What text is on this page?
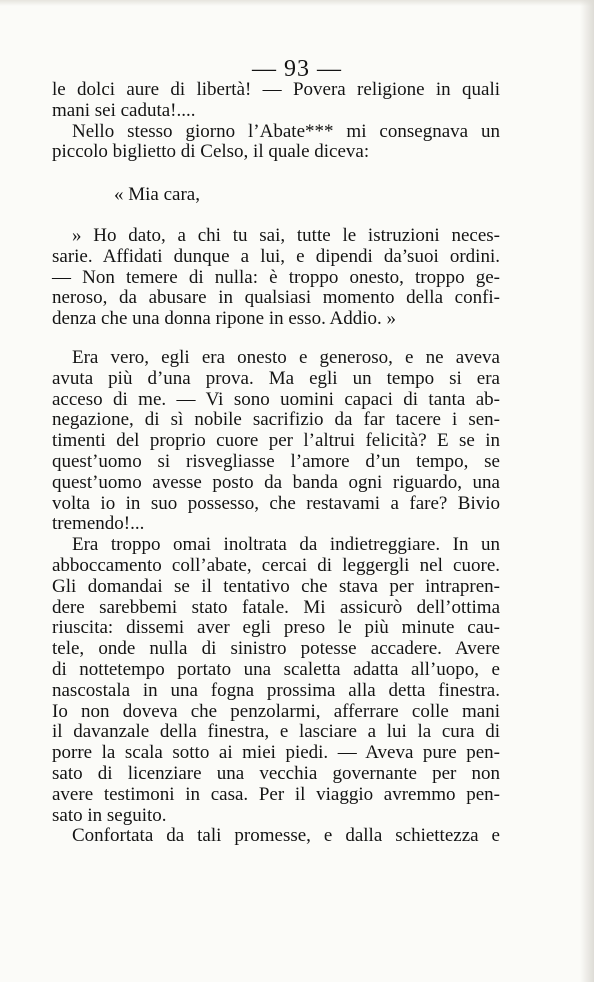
— 93 —
le dolci aure di libertà! — Povera religione in quali
mani sei caduta!....
Nello stesso giorno l’Abate*** mi consegnava un
piccolo biglietto di Celso, il quale diceva:
« Mia cara,
» Ho dato, a chi tu sai, tutte le istruzioni neces-
sarie. Affidati dunque a lui, e dipendi da’suoi ordini.
— Non temere di nulla: è troppo onesto, troppo ge-
neroso, da abusare in qualsiasi momento della confi-
denza che una donna ripone in esso. Addio. »
Era vero, egli era onesto e generoso, e ne aveva
avuta più d’una prova. Ma egli un tempo si era
acceso di me. — Vi sono uomini capaci di tanta ab-
negazione, di sì nobile sacrifizio da far tacere i sen-
timenti del proprio cuore per l’altrui felicità? E se in
quest’uomo si risvegliasse l’amore d’un tempo, se
quest’uomo avesse posto da banda ogni riguardo, una
volta io in suo possesso, che restavami a fare? Bivio
tremendo!...
Era troppo omai inoltrata da indietreggiare. In un
abboccamento coll’abate, cercai di leggergli nel cuore.
Gli domandai se il tentativo che stava per intrapren-
dere sarebbemi stato fatale. Mi assicurò dell’ottima
riuscita: dissemi aver egli preso le più minute cau-
tele, onde nulla di sinistro potesse accadere. Avere
di nottetempo portato una scaletta adatta all’uopo, e
nascostala in una fogna prossima alla detta finestra.
Io non doveva che penzolarmi, afferrare colle mani
il davanzale della finestra, e lasciare a lui la cura di
porre la scala sotto ai miei piedi. — Aveva pure pen-
sato di licenziare una vecchia governante per non
avere testimoni in casa. Per il viaggio avremmo pen-
sato in seguito.
Confortata da tali promesse, e dalla schiettezza e
